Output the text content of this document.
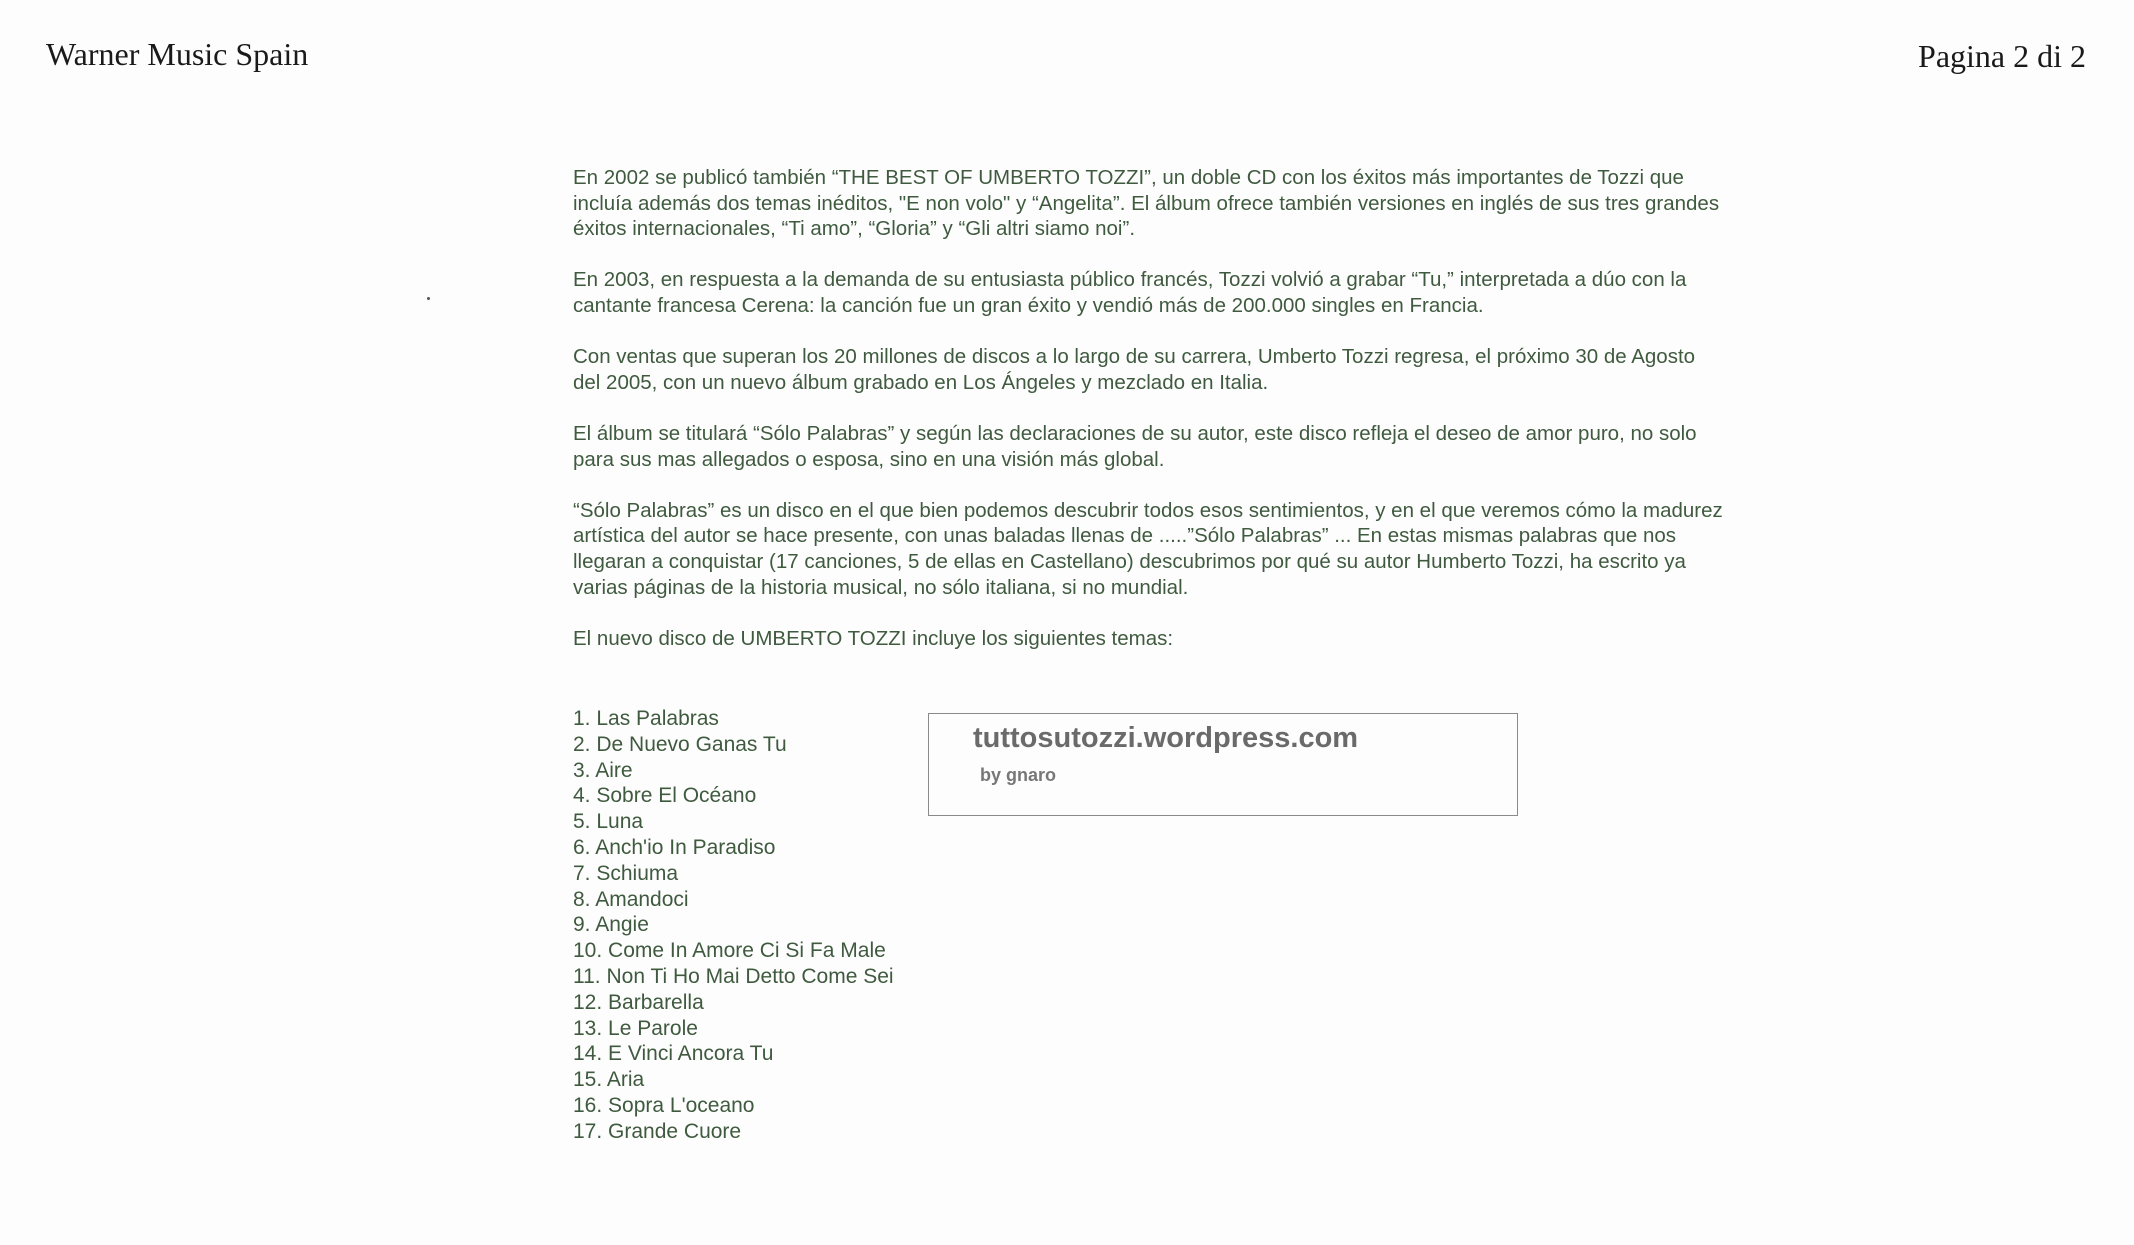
Warner Music Spain	Pagina 2 di 2

En 2002 se publicó también “THE BEST OF UMBERTO TOZZI”, un doble CD con los éxitos más importantes de Tozzi que incluía además dos temas inéditos, "E non volo" y “Angelita”. El álbum ofrece también versiones en inglés de sus tres grandes éxitos internacionales, “Ti amo”, “Gloria” y “Gli altri siamo noi”.

En 2003, en respuesta a la demanda de su entusiasta público francés, Tozzi volvió a grabar “Tu,” interpretada a dúo con la cantante francesa Cerena: la canción fue un gran éxito y vendió más de 200.000 singles en Francia.

Con ventas que superan los 20 millones de discos a lo largo de su carrera, Umberto Tozzi regresa, el próximo 30 de Agosto del 2005, con un nuevo álbum grabado en Los Ángeles y mezclado en Italia.

El álbum se titulará “Sólo Palabras” y según las declaraciones de su autor, este disco refleja el deseo de amor puro, no solo para sus mas allegados o esposa, sino en una visión más global.

“Sólo Palabras” es un disco en el que bien podemos descubrir todos esos sentimientos, y en el que veremos cómo la madurez artística del autor se hace presente, con unas baladas llenas de .....”Sólo Palabras” ... En estas mismas palabras que nos llegaran a conquistar (17 canciones, 5 de ellas en Castellano) descubrimos por qué su autor Humberto Tozzi, ha escrito ya varias páginas de la historia musical, no sólo italiana, si no mundial.

El nuevo disco de UMBERTO TOZZI incluye los siguientes temas:

1. Las Palabras
2. De Nuevo Ganas Tu
3. Aire
4. Sobre El Océano
5. Luna
6. Anch'io In Paradiso
7. Schiuma
8. Amandoci
9. Angie
10. Come In Amore Ci Si Fa Male
11. Non Ti Ho Mai Detto Come Sei
12. Barbarella
13. Le Parole
14. E Vinci Ancora Tu
15. Aria
16. Sopra L'oceano
17. Grande Cuore
tuttosutozzi.wordpress.com
by gnaro
